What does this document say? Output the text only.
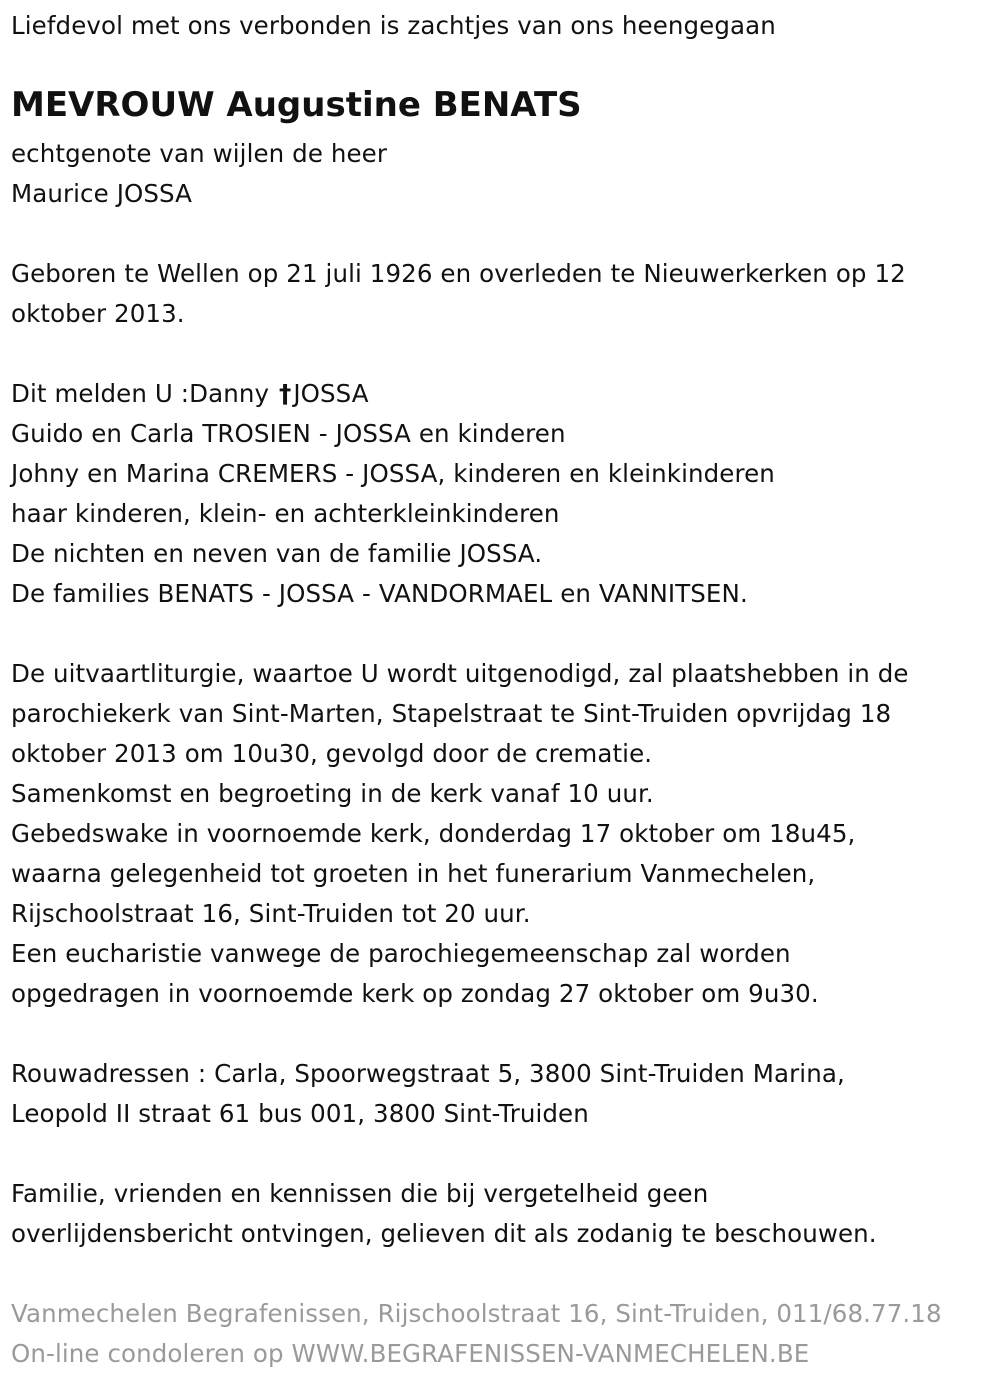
Liefdevol met ons verbonden is zachtjes van ons heengegaan
MEVROUW Augustine BENATS
echtgenote van wijlen de heer
Maurice JOSSA
Geboren te Wellen op 21 juli 1926 en overleden te Nieuwerkerken op 12
oktober 2013.
Dit melden U :Danny †JOSSA
Guido en Carla TROSIEN - JOSSA en kinderen
Johny en Marina CREMERS - JOSSA, kinderen en kleinkinderen
haar kinderen, klein- en achterkleinkinderen
De nichten en neven van de familie JOSSA.
De families BENATS - JOSSA - VANDORMAEL en VANNITSEN.
De uitvaartliturgie, waartoe U wordt uitgenodigd, zal plaatshebben in de
parochiekerk van Sint-Marten, Stapelstraat te Sint-Truiden opvrijdag 18
oktober 2013 om 10u30, gevolgd door de crematie.
Samenkomst en begroeting in de kerk vanaf 10 uur.
Gebedswake in voornoemde kerk, donderdag 17 oktober om 18u45,
waarna gelegenheid tot groeten in het funerarium Vanmechelen,
Rijschoolstraat 16, Sint-Truiden tot 20 uur.
Een eucharistie vanwege de parochiegemeenschap zal worden
opgedragen in voornoemde kerk op zondag 27 oktober om 9u30.
Rouwadressen : Carla, Spoorwegstraat 5, 3800 Sint-Truiden Marina,
Leopold II straat 61 bus 001, 3800 Sint-Truiden
Familie, vrienden en kennissen die bij vergetelheid geen
overlijdensbericht ontvingen, gelieven dit als zodanig te beschouwen.
Vanmechelen Begrafenissen, Rijschoolstraat 16, Sint-Truiden, 011/68.77.18
On-line condoleren op WWW.BEGRAFENISSEN-VANMECHELEN.BE
